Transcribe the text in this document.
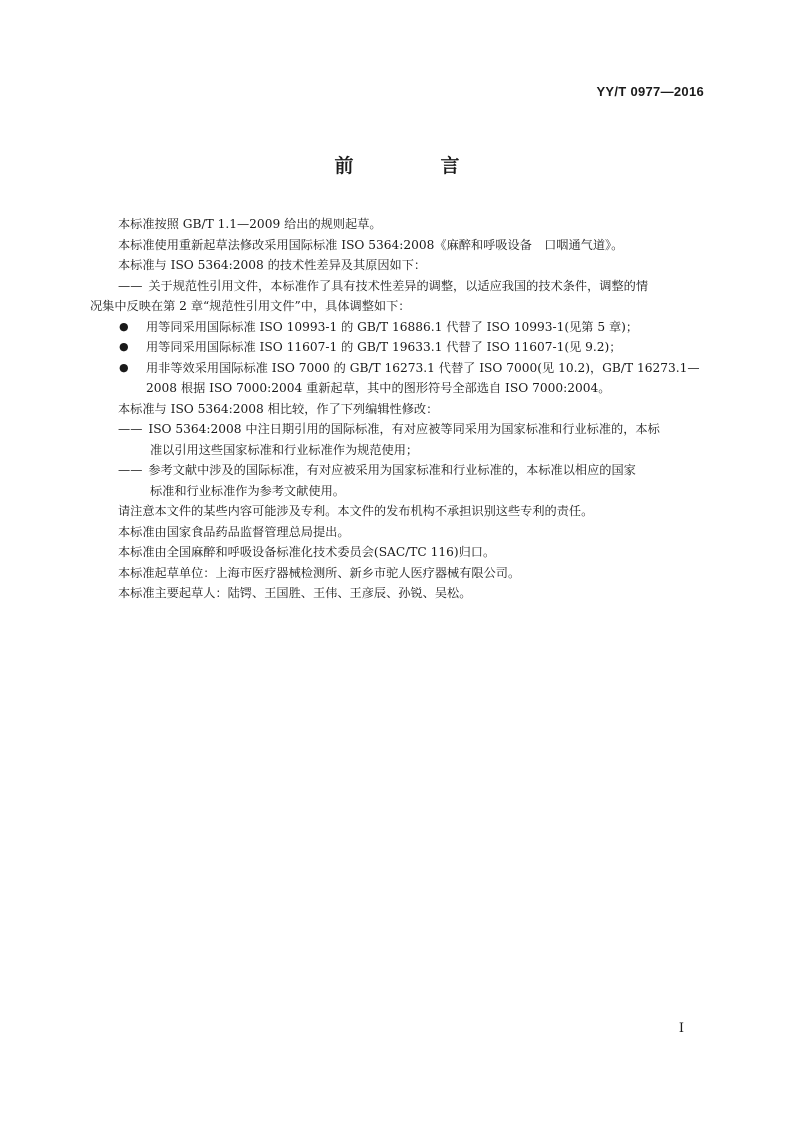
YY/T 0977—2016
前　言
本标准按照 GB/T 1.1—2009 给出的规则起草。
本标准使用重新起草法修改采用国际标准 ISO 5364:2008《麻醉和呼吸设备　口咽通气道》。
本标准与 ISO 5364:2008 的技术性差异及其原因如下：
—— 关于规范性引用文件，本标准作了具有技术性差异的调整，以适应我国的技术条件，调整的情
况集中反映在第 2 章“规范性引用文件”中，具体调整如下：
● 用等同采用国际标准 ISO 10993-1 的 GB/T 16886.1 代替了 ISO 10993-1(见第 5 章)；
● 用等同采用国际标准 ISO 11607-1 的 GB/T 19633.1 代替了 ISO 11607-1(见 9.2)；
● 用非等效采用国际标准 ISO 7000 的 GB/T 16273.1 代替了 ISO 7000(见 10.2)，GB/T 16273.1—
2008 根据 ISO 7000:2004 重新起草，其中的图形符号全部选自 ISO 7000:2004。
本标准与 ISO 5364:2008 相比较，作了下列编辑性修改：
—— ISO 5364:2008 中注日期引用的国际标准，有对应被等同采用为国家标准和行业标准的，本标
准以引用这些国家标准和行业标准作为规范使用；
—— 参考文献中涉及的国际标准，有对应被采用为国家标准和行业标准的，本标准以相应的国家
标准和行业标准作为参考文献使用。
请注意本文件的某些内容可能涉及专利。本文件的发布机构不承担识别这些专利的责任。
本标准由国家食品药品监督管理总局提出。
本标准由全国麻醉和呼吸设备标准化技术委员会(SAC/TC 116)归口。
本标准起草单位：上海市医疗器械检测所、新乡市驼人医疗器械有限公司。
本标准主要起草人：陆锷、王国胜、王伟、王彦辰、孙锐、吴松。
I
